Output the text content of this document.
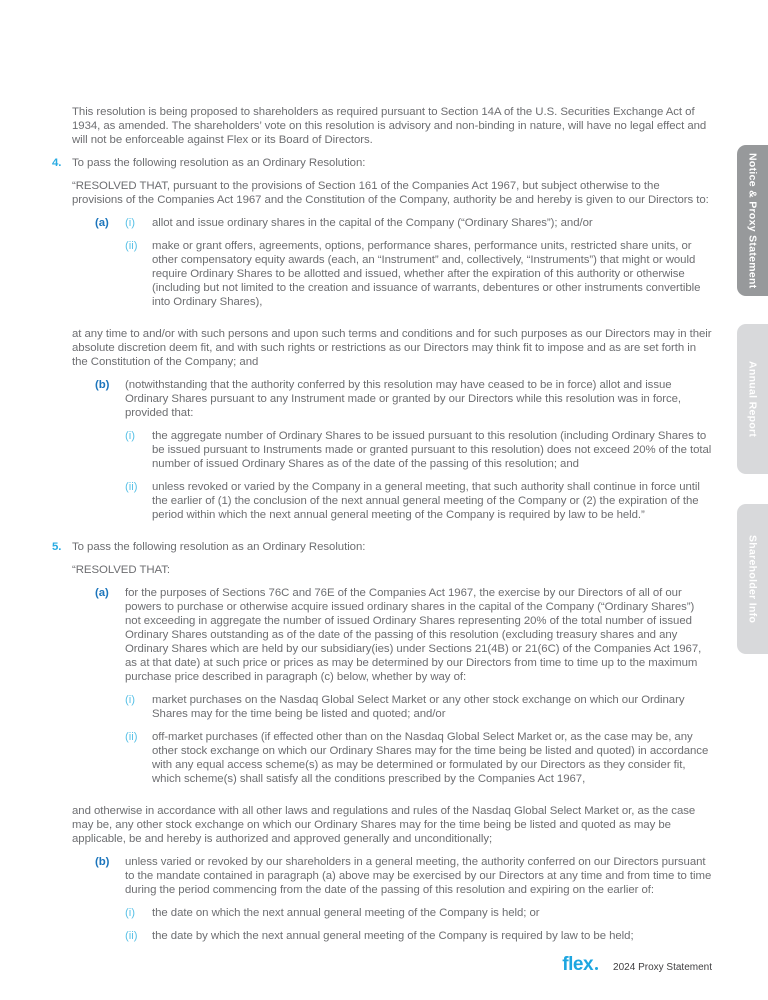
This resolution is being proposed to shareholders as required pursuant to Section 14A of the U.S. Securities Exchange Act of 1934, as amended. The shareholders’ vote on this resolution is advisory and non-binding in nature, will have no legal effect and will not be enforceable against Flex or its Board of Directors.

4. To pass the following resolution as an Ordinary Resolution:

“RESOLVED THAT, pursuant to the provisions of Section 161 of the Companies Act 1967, but subject otherwise to the provisions of the Companies Act 1967 and the Constitution of the Company, authority be and hereby is given to our Directors to:

(a)	(i)	allot and issue ordinary shares in the capital of the Company (“Ordinary Shares”); and/or

(ii)	make or grant offers, agreements, options, performance shares, performance units, restricted share units, or other compensatory equity awards (each, an “Instrument” and, collectively, “Instruments”) that might or would require Ordinary Shares to be allotted and issued, whether after the expiration of this authority or otherwise (including but not limited to the creation and issuance of warrants, debentures or other instruments convertible into Ordinary Shares),

at any time to and/or with such persons and upon such terms and conditions and for such purposes as our Directors may in their absolute discretion deem fit, and with such rights or restrictions as our Directors may think fit to impose and as are set forth in the Constitution of the Company; and

(b)	(notwithstanding that the authority conferred by this resolution may have ceased to be in force) allot and issue Ordinary Shares pursuant to any Instrument made or granted by our Directors while this resolution was in force, provided that:

(i)	the aggregate number of Ordinary Shares to be issued pursuant to this resolution (including Ordinary Shares to be issued pursuant to Instruments made or granted pursuant to this resolution) does not exceed 20% of the total number of issued Ordinary Shares as of the date of the passing of this resolution; and

(ii)	unless revoked or varied by the Company in a general meeting, that such authority shall continue in force until the earlier of (1) the conclusion of the next annual general meeting of the Company or (2) the expiration of the period within which the next annual general meeting of the Company is required by law to be held.”

5. To pass the following resolution as an Ordinary Resolution:

“RESOLVED THAT:

(a)	for the purposes of Sections 76C and 76E of the Companies Act 1967, the exercise by our Directors of all of our powers to purchase or otherwise acquire issued ordinary shares in the capital of the Company (“Ordinary Shares”) not exceeding in aggregate the number of issued Ordinary Shares representing 20% of the total number of issued Ordinary Shares outstanding as of the date of the passing of this resolution (excluding treasury shares and any Ordinary Shares which are held by our subsidiary(ies) under Sections 21(4B) or 21(6C) of the Companies Act 1967, as at that date) at such price or prices as may be determined by our Directors from time to time up to the maximum purchase price described in paragraph (c) below, whether by way of:

(i)	market purchases on the Nasdaq Global Select Market or any other stock exchange on which our Ordinary Shares may for the time being be listed and quoted; and/or

(ii)	off-market purchases (if effected other than on the Nasdaq Global Select Market or, as the case may be, any other stock exchange on which our Ordinary Shares may for the time being be listed and quoted) in accordance with any equal access scheme(s) as may be determined or formulated by our Directors as they consider fit, which scheme(s) shall satisfy all the conditions prescribed by the Companies Act 1967,

and otherwise in accordance with all other laws and regulations and rules of the Nasdaq Global Select Market or, as the case may be, any other stock exchange on which our Ordinary Shares may for the time being be listed and quoted as may be applicable, be and hereby is authorized and approved generally and unconditionally;

(b)	unless varied or revoked by our shareholders in a general meeting, the authority conferred on our Directors pursuant to the mandate contained in paragraph (a) above may be exercised by our Directors at any time and from time to time during the period commencing from the date of the passing of this resolution and expiring on the earlier of:

(i)	the date on which the next annual general meeting of the Company is held; or

(ii)	the date by which the next annual general meeting of the Company is required by law to be held;

Notice & Proxy Statement
Annual Report
Shareholder Info
flex 2024 Proxy Statement
